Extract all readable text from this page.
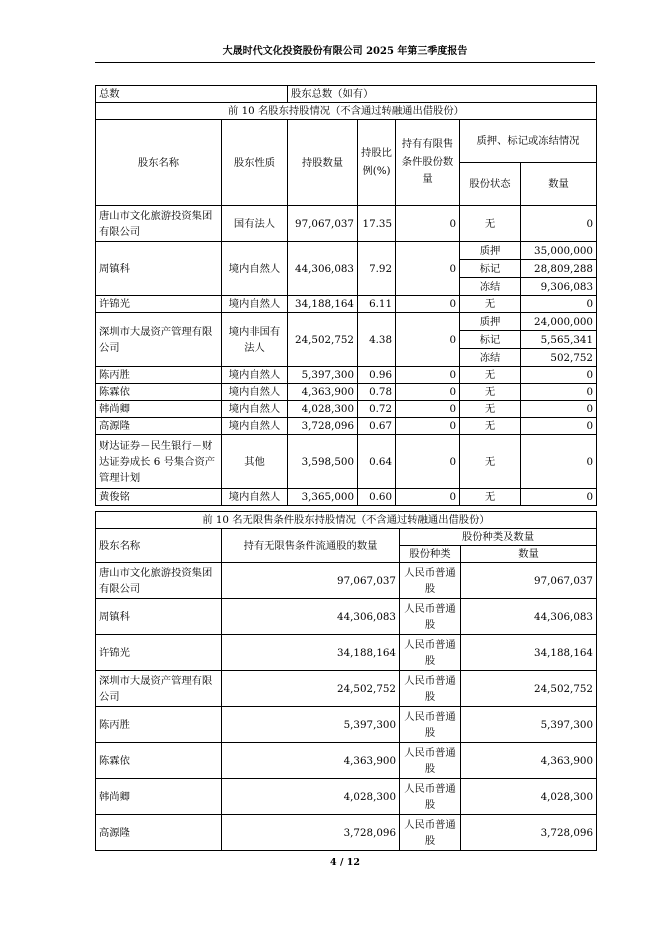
大晟时代文化投资股份有限公司 2025 年第三季度报告
总数		股东总数（如有）				
前 10 名股东持股情况（不含通过转融通出借股份）						
股东名称	股东性质	持股数量	持股比例(%)	持有有限售条件股份数量	质押、标记或冻结情况	
					股份状态	数量
唐山市文化旅游投资集团有限公司	国有法人	97,067,037	17.35	0	无	0
周镇科	境内自然人	44,306,083	7.92	0	质押	35,000,000
					标记	28,809,288
					冻结	9,306,083
许锦光	境内自然人	34,188,164	6.11	0	无	0
深圳市大晟资产管理有限公司	境内非国有法人	24,502,752	4.38	0	质押	24,000,000
					标记	5,565,341
					冻结	502,752
陈丙胜	境内自然人	5,397,300	0.96	0	无	0
陈霖依	境内自然人	4,363,900	0.78	0	无	0
韩尚卿	境内自然人	4,028,300	0.72	0	无	0
高源隆	境内自然人	3,728,096	0.67	0	无	0
财达证券－民生银行－财达证券成长 6 号集合资产管理计划	其他	3,598,500	0.64	0	无	0
黄俊铭	境内自然人	3,365,000	0.60	0	无	0
前 10 名无限售条件股东持股情况（不含通过转融通出借股份）			
股东名称	持有无限售条件流通股的数量	股份种类及数量	
		股份种类	数量
唐山市文化旅游投资集团有限公司	97,067,037	人民币普通股	97,067,037
周镇科	44,306,083	人民币普通股	44,306,083
许锦光	34,188,164	人民币普通股	34,188,164
深圳市大晟资产管理有限公司	24,502,752	人民币普通股	24,502,752
陈丙胜	5,397,300	人民币普通股	5,397,300
陈霖依	4,363,900	人民币普通股	4,363,900
韩尚卿	4,028,300	人民币普通股	4,028,300
高源隆	3,728,096	人民币普通股	3,728,096
4 / 12
